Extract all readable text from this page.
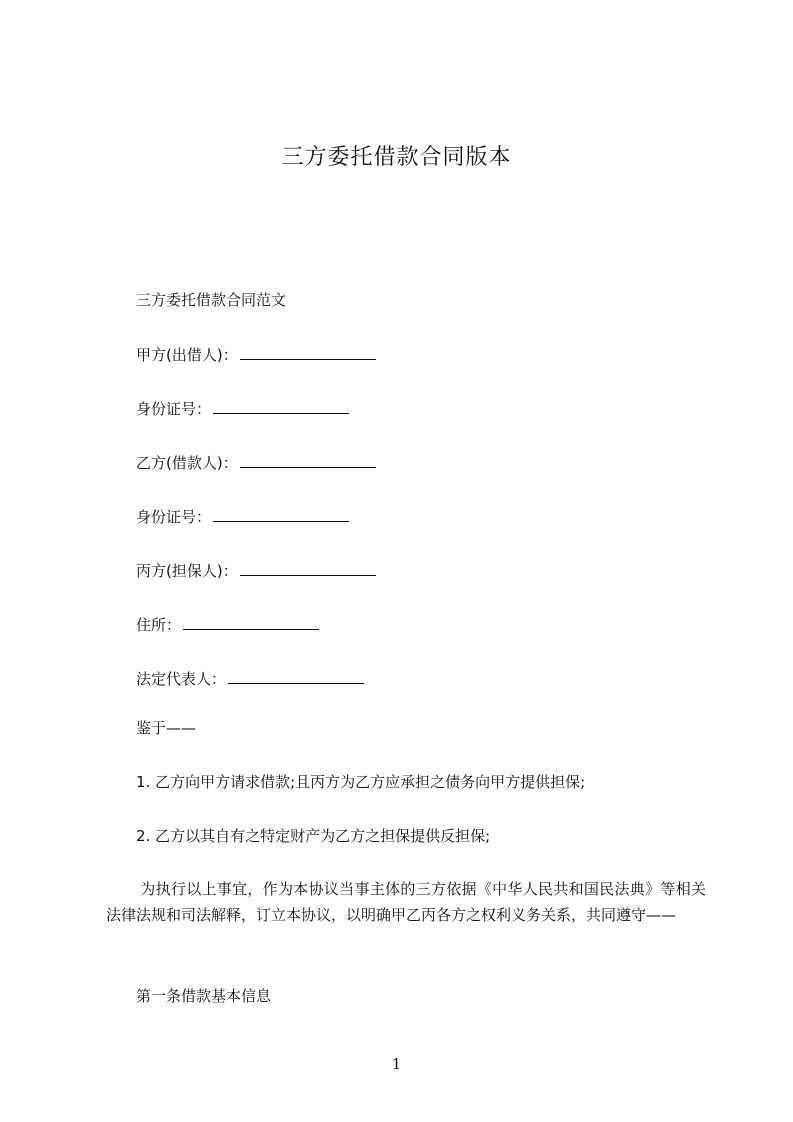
三方委托借款合同版本
三方委托借款合同范文
甲方(出借人)：
身份证号：
乙方(借款人)：
身份证号：
丙方(担保人)：
住所：
法定代表人：
鉴于——
1. 乙方向甲方请求借款;且丙方为乙方应承担之债务向甲方提供担保;
2. 乙方以其自有之特定财产为乙方之担保提供反担保;
为执行以上事宜，作为本协议当事主体的三方依据《中华人民共和国民法典》等相关法律法规和司法解释，订立本协议，以明确甲乙丙各方之权利义务关系，共同遵守——
第一条借款基本信息
1
